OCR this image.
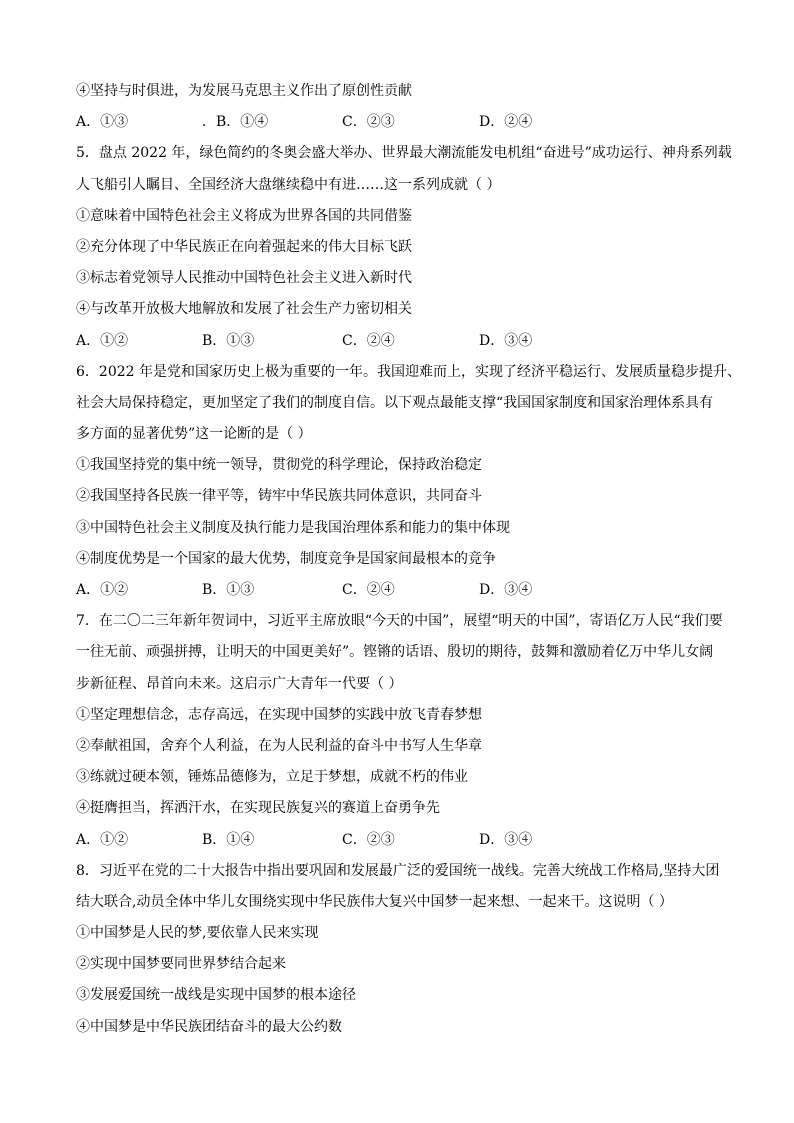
④坚持与时俱进，为发展马克思主义作出了原创性贡献
A．①③	．B．①④	C．②③	D．②④
5．盘点 2022 年，绿色简约的冬奥会盛大举办、世界最大潮流能发电机组“奋进号”成功运行、神舟系列载
人飞船引人瞩目、全国经济大盘继续稳中有进……这一系列成就（ ）
①意味着中国特色社会主义将成为世界各国的共同借鉴
②充分体现了中华民族正在向着强起来的伟大目标飞跃
③标志着党领导人民推动中国特色社会主义进入新时代
④与改革开放极大地解放和发展了社会生产力密切相关
A．①②	B．①③	C．②④	D．③④
6．2022 年是党和国家历史上极为重要的一年。我国迎难而上，实现了经济平稳运行、发展质量稳步提升、
社会大局保持稳定，更加坚定了我们的制度自信。以下观点最能支撑“我国国家制度和国家治理体系具有
多方面的显著优势”这一论断的是（ ）
①我国坚持党的集中统一领导，贯彻党的科学理论，保持政治稳定
②我国坚持各民族一律平等，铸牢中华民族共同体意识，共同奋斗
③中国特色社会主义制度及执行能力是我国治理体系和能力的集中体现
④制度优势是一个国家的最大优势，制度竞争是国家间最根本的竞争
A．①②	B．①③	C．②④	D．③④
7．在二〇二三年新年贺词中，习近平主席放眼“今天的中国”，展望“明天的中国”，寄语亿万人民“我们要
一往无前、顽强拼搏，让明天的中国更美好”。铿锵的话语、殷切的期待，鼓舞和激励着亿万中华儿女阔
步新征程、昂首向未来。这启示广大青年一代要（ ）
①坚定理想信念，志存高远，在实现中国梦的实践中放飞青春梦想
②奉献祖国，舍弃个人利益，在为人民利益的奋斗中书写人生华章
③练就过硬本领，锤炼品德修为，立足于梦想，成就不朽的伟业
④挺膺担当，挥洒汗水，在实现民族复兴的赛道上奋勇争先
A．①②	B．①④	C．②③	D．③④
8．习近平在党的二十大报告中指出要巩固和发展最广泛的爱国统一战线。完善大统战工作格局,坚持大团
结大联合,动员全体中华儿女围绕实现中华民族伟大复兴中国梦一起来想、一起来干。这说明（ ）
①中国梦是人民的梦,要依靠人民来实现
②实现中国梦要同世界梦结合起来
③发展爱国统一战线是实现中国梦的根本途径
④中国梦是中华民族团结奋斗的最大公约数
